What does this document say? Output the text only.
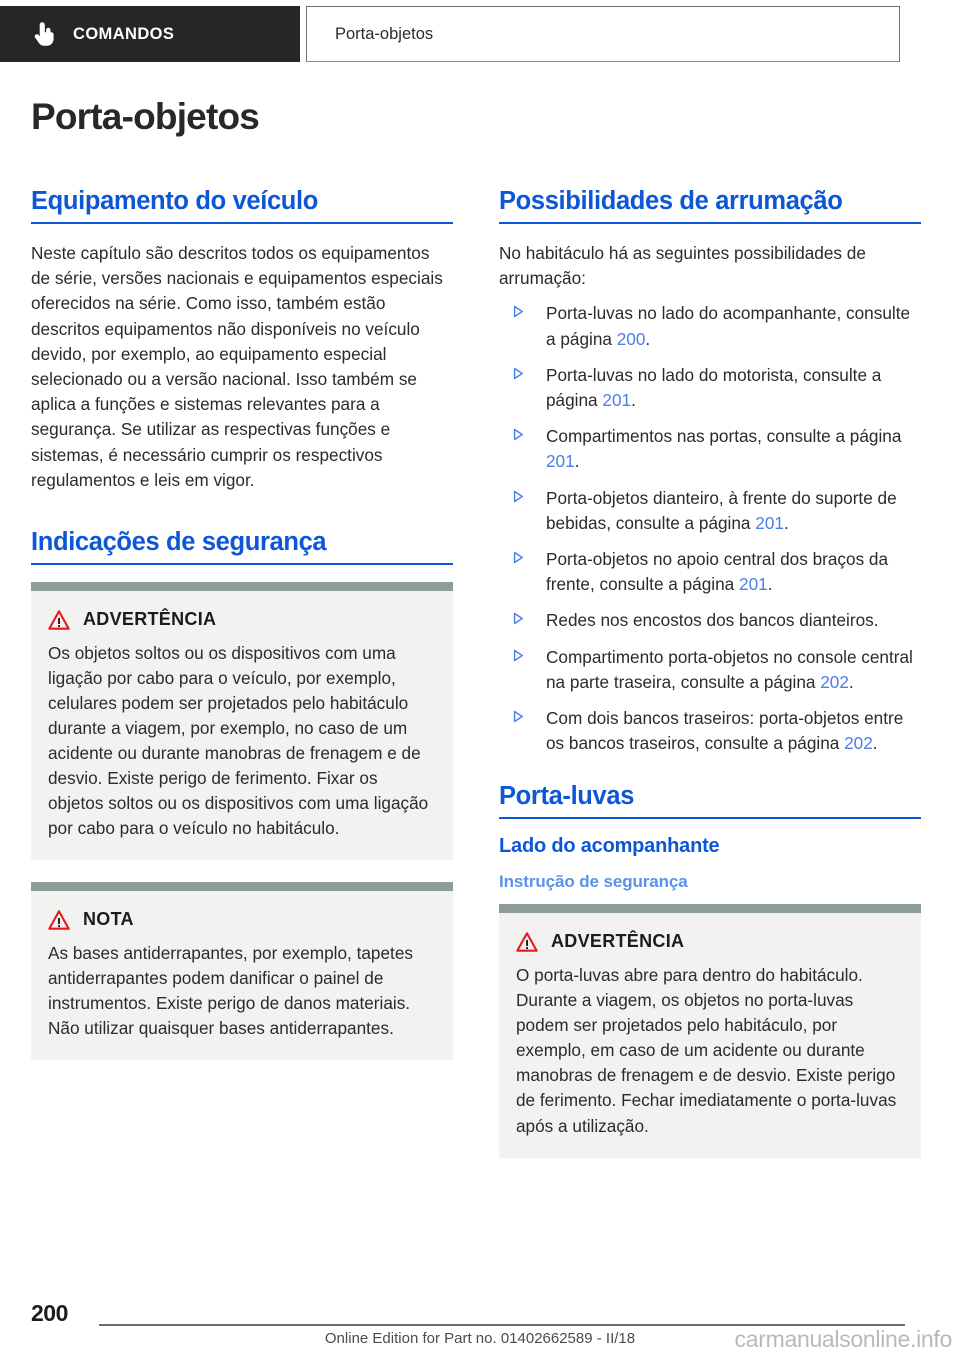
COMANDOS	Porta-objetos
Porta-objetos
Equipamento do veículo

Neste capítulo são descritos todos os equipamentos de série, versões nacionais e equipamentos especiais oferecidos na série. Como isso, também estão descritos equipamentos não disponíveis no veículo devido, por exemplo, ao equipamento especial selecionado ou a versão nacional. Isso também se aplica a funções e sistemas relevantes para a segurança. Se utilizar as respectivas funções e sistemas, é necessário cumprir os respectivos regulamentos e leis em vigor.

Indicações de segurança
ADVERTÊNCIA
Os objetos soltos ou os dispositivos com uma ligação por cabo para o veículo, por exemplo, celulares podem ser projetados pelo habitáculo durante a viagem, por exemplo, no caso de um acidente ou durante manobras de frenagem e de desvio. Existe perigo de ferimento. Fixar os objetos soltos ou os dispositivos com uma ligação por cabo para o veículo no habitáculo.
NOTA
As bases antiderrapantes, por exemplo, tapetes antiderrapantes podem danificar o painel de instrumentos. Existe perigo de danos materiais. Não utilizar quaisquer bases antiderrapantes.
Possibilidades de arrumação

No habitáculo há as seguintes possibilidades de arrumação:

Porta-luvas no lado do acompanhante, consulte a página 200.
Porta-luvas no lado do motorista, consulte a página 201.
Compartimentos nas portas, consulte a página 201.
Porta-objetos dianteiro, à frente do suporte de bebidas, consulte a página 201.
Porta-objetos no apoio central dos braços da frente, consulte a página 201.
Redes nos encostos dos bancos dianteiros.
Compartimento porta-objetos no console central na parte traseira, consulte a página 202.
Com dois bancos traseiros: porta-objetos entre os bancos traseiros, consulte a página 202.
Porta-luvas
Lado do acompanhante
Instrução de segurança
ADVERTÊNCIA
O porta-luvas abre para dentro do habitáculo. Durante a viagem, os objetos no porta-luvas podem ser projetados pelo habitáculo, por exemplo, em caso de um acidente ou durante manobras de frenagem e de desvio. Existe perigo de ferimento. Fechar imediatamente o porta-luvas após a utilização.
200
Online Edition for Part no. 01402662589 - II/18	carmanualsonline.info
